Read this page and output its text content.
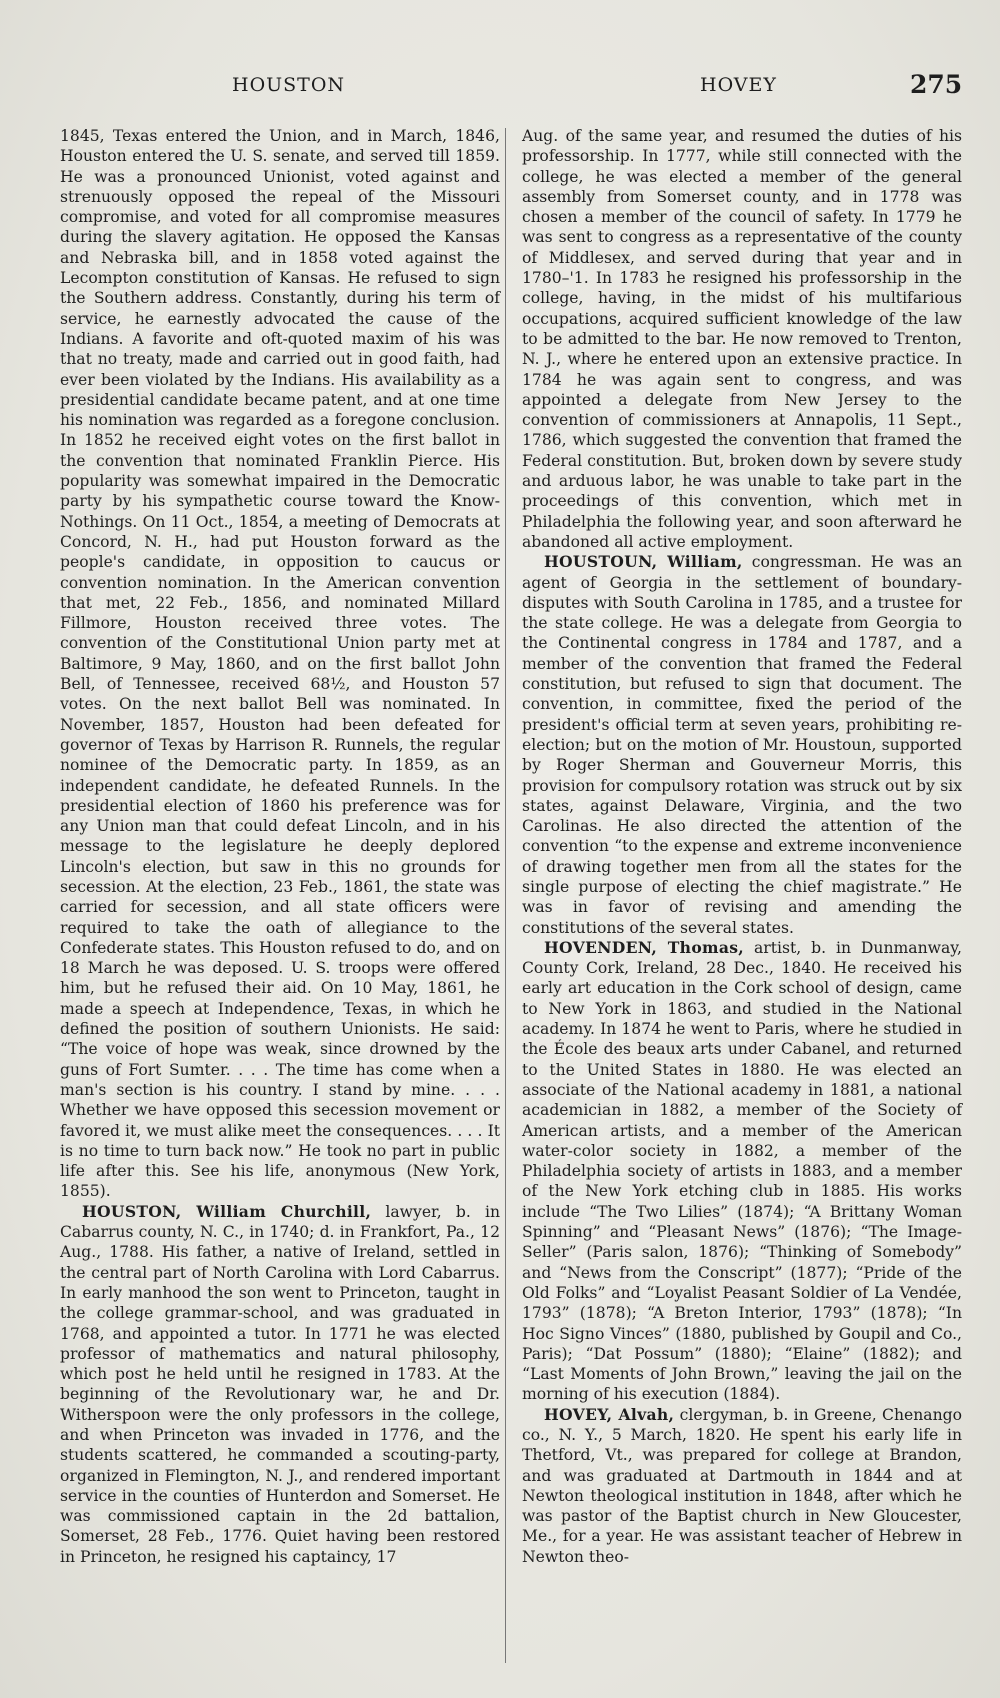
HOUSTON	HOVEY	275

1845, Texas entered the Union, and in March, 1846, Houston entered the U. S. senate, and served till 1859. He was a pronounced Unionist, voted against and strenuously opposed the repeal of the Missouri compromise, and voted for all compromise measures during the slavery agitation. He opposed the Kansas and Nebraska bill, and in 1858 voted against the Lecompton constitution of Kansas. He refused to sign the Southern address. Constantly, during his term of service, he earnestly advocated the cause of the Indians. A favorite and oft-quoted maxim of his was that no treaty, made and carried out in good faith, had ever been violated by the Indians. His availability as a presidential candidate became patent, and at one time his nomination was regarded as a foregone conclusion. In 1852 he received eight votes on the first ballot in the convention that nominated Franklin Pierce. His popularity was somewhat impaired in the Democratic party by his sympathetic course toward the Know-Nothings. On 11 Oct., 1854, a meeting of Democrats at Concord, N. H., had put Houston forward as the people's candidate, in opposition to caucus or convention nomination. In the American convention that met, 22 Feb., 1856, and nominated Millard Fillmore, Houston received three votes. The convention of the Constitutional Union party met at Baltimore, 9 May, 1860, and on the first ballot John Bell, of Tennessee, received 68½, and Houston 57 votes. On the next ballot Bell was nominated. In November, 1857, Houston had been defeated for governor of Texas by Harrison R. Runnels, the regular nominee of the Democratic party. In 1859, as an independent candidate, he defeated Runnels. In the presidential election of 1860 his preference was for any Union man that could defeat Lincoln, and in his message to the legislature he deeply deplored Lincoln's election, but saw in this no grounds for secession. At the election, 23 Feb., 1861, the state was carried for secession, and all state officers were required to take the oath of allegiance to the Confederate states. This Houston refused to do, and on 18 March he was deposed. U. S. troops were offered him, but he refused their aid. On 10 May, 1861, he made a speech at Independence, Texas, in which he defined the position of southern Unionists. He said: “The voice of hope was weak, since drowned by the guns of Fort Sumter. . . . The time has come when a man's section is his country. I stand by mine. . . . Whether we have opposed this secession movement or favored it, we must alike meet the consequences. . . . It is no time to turn back now.” He took no part in public life after this. See his life, anonymous (New York, 1855).

HOUSTON, William Churchill, lawyer, b. in Cabarrus county, N. C., in 1740; d. in Frankfort, Pa., 12 Aug., 1788. His father, a native of Ireland, settled in the central part of North Carolina with Lord Cabarrus. In early manhood the son went to Princeton, taught in the college grammar-school, and was graduated in 1768, and appointed a tutor. In 1771 he was elected professor of mathematics and natural philosophy, which post he held until he resigned in 1783. At the beginning of the Revolutionary war, he and Dr. Witherspoon were the only professors in the college, and when Princeton was invaded in 1776, and the students scattered, he commanded a scouting-party, organized in Flemington, N. J., and rendered important service in the counties of Hunterdon and Somerset. He was commissioned captain in the 2d battalion, Somerset, 28 Feb., 1776. Quiet having been restored in Princeton, he resigned his captaincy, 17

Aug. of the same year, and resumed the duties of his professorship. In 1777, while still connected with the college, he was elected a member of the general assembly from Somerset county, and in 1778 was chosen a member of the council of safety. In 1779 he was sent to congress as a representative of the county of Middlesex, and served during that year and in 1780–'1. In 1783 he resigned his professorship in the college, having, in the midst of his multifarious occupations, acquired sufficient knowledge of the law to be admitted to the bar. He now removed to Trenton, N. J., where he entered upon an extensive practice. In 1784 he was again sent to congress, and was appointed a delegate from New Jersey to the convention of commissioners at Annapolis, 11 Sept., 1786, which suggested the convention that framed the Federal constitution. But, broken down by severe study and arduous labor, he was unable to take part in the proceedings of this convention, which met in Philadelphia the following year, and soon afterward he abandoned all active employment.

HOUSTOUN, William, congressman. He was an agent of Georgia in the settlement of boundary-disputes with South Carolina in 1785, and a trustee for the state college. He was a delegate from Georgia to the Continental congress in 1784 and 1787, and a member of the convention that framed the Federal constitution, but refused to sign that document. The convention, in committee, fixed the period of the president's official term at seven years, prohibiting re-election; but on the motion of Mr. Houstoun, supported by Roger Sherman and Gouverneur Morris, this provision for compulsory rotation was struck out by six states, against Delaware, Virginia, and the two Carolinas. He also directed the attention of the convention “to the expense and extreme inconvenience of drawing together men from all the states for the single purpose of electing the chief magistrate.” He was in favor of revising and amending the constitutions of the several states.

HOVENDEN, Thomas, artist, b. in Dunmanway, County Cork, Ireland, 28 Dec., 1840. He received his early art education in the Cork school of design, came to New York in 1863, and studied in the National academy. In 1874 he went to Paris, where he studied in the École des beaux arts under Cabanel, and returned to the United States in 1880. He was elected an associate of the National academy in 1881, a national academician in 1882, a member of the Society of American artists, and a member of the American water-color society in 1882, a member of the Philadelphia society of artists in 1883, and a member of the New York etching club in 1885. His works include “The Two Lilies” (1874); “A Brittany Woman Spinning” and “Pleasant News” (1876); “The Image-Seller” (Paris salon, 1876); “Thinking of Somebody” and “News from the Conscript” (1877); “Pride of the Old Folks” and “Loyalist Peasant Soldier of La Vendée, 1793” (1878); “A Breton Interior, 1793” (1878); “In Hoc Signo Vinces” (1880, published by Goupil and Co., Paris); “Dat Possum” (1880); “Elaine” (1882); and “Last Moments of John Brown,” leaving the jail on the morning of his execution (1884).

HOVEY, Alvah, clergyman, b. in Greene, Chenango co., N. Y., 5 March, 1820. He spent his early life in Thetford, Vt., was prepared for college at Brandon, and was graduated at Dartmouth in 1844 and at Newton theological institution in 1848, after which he was pastor of the Baptist church in New Gloucester, Me., for a year. He was assistant teacher of Hebrew in Newton theo-
